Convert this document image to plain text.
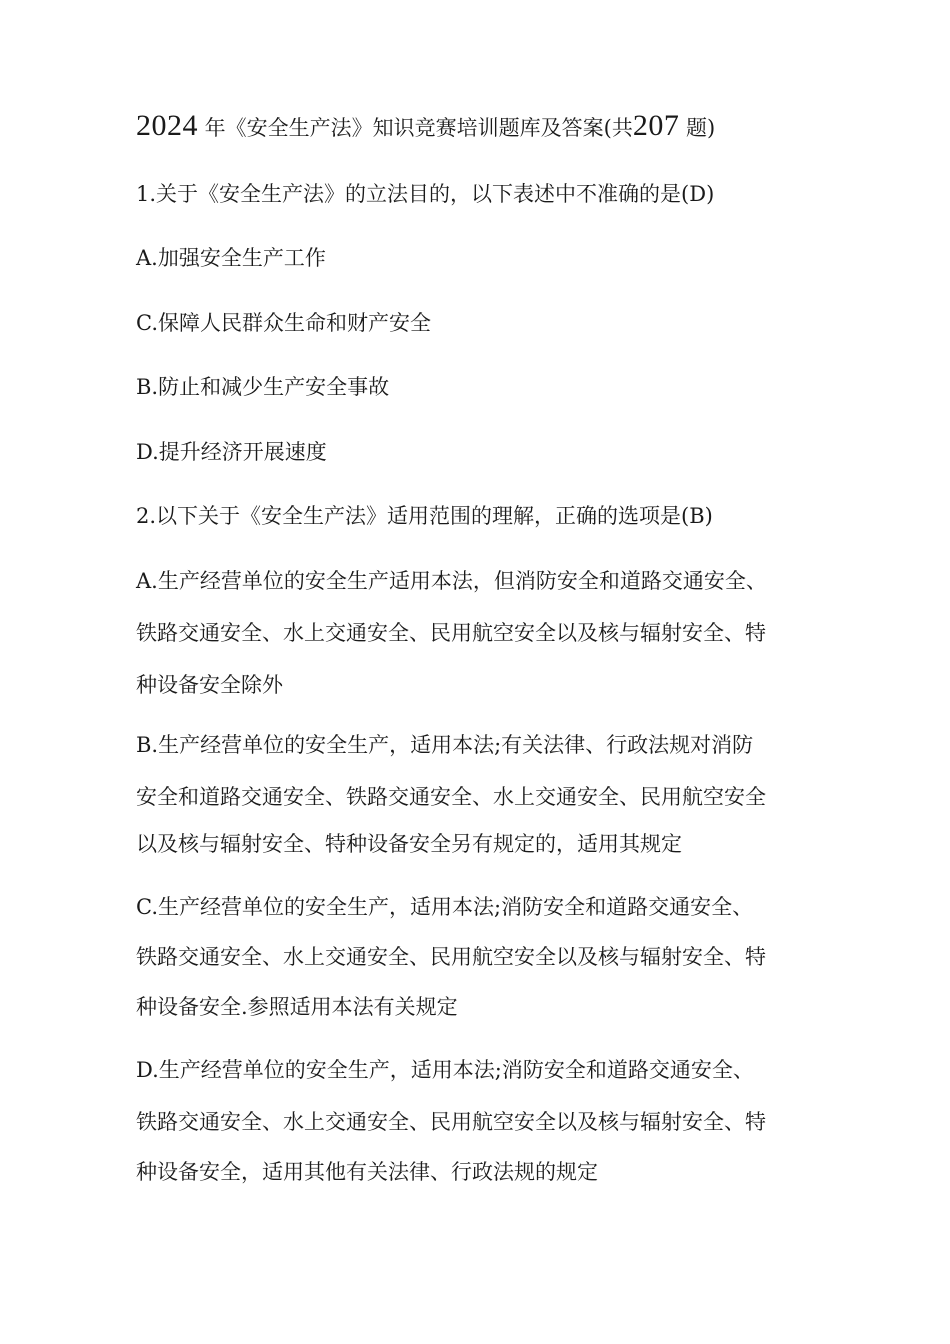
2024 年《安全生产法》知识竞赛培训题库及答案(共207 题)

1.关于《安全生产法》的立法目的，以下表述中不准确的是(D)

A.加强安全生产工作

C.保障人民群众生命和财产安全

B.防止和减少生产安全事故

D.提升经济开展速度

2.以下关于《安全生产法》适用范围的理解，正确的选项是(B)

A.生产经营单位的安全生产适用本法，但消防安全和道路交通安全、

铁路交通安全、水上交通安全、民用航空安全以及核与辐射安全、特

种设备安全除外

B.生产经营单位的安全生产，适用本法;有关法律、行政法规对消防

安全和道路交通安全、铁路交通安全、水上交通安全、民用航空安全

以及核与辐射安全、特种设备安全另有规定的，适用其规定

C.生产经营单位的安全生产，适用本法;消防安全和道路交通安全、

铁路交通安全、水上交通安全、民用航空安全以及核与辐射安全、特

种设备安全.参照适用本法有关规定

D.生产经营单位的安全生产，适用本法;消防安全和道路交通安全、

铁路交通安全、水上交通安全、民用航空安全以及核与辐射安全、特

种设备安全，适用其他有关法律、行政法规的规定
